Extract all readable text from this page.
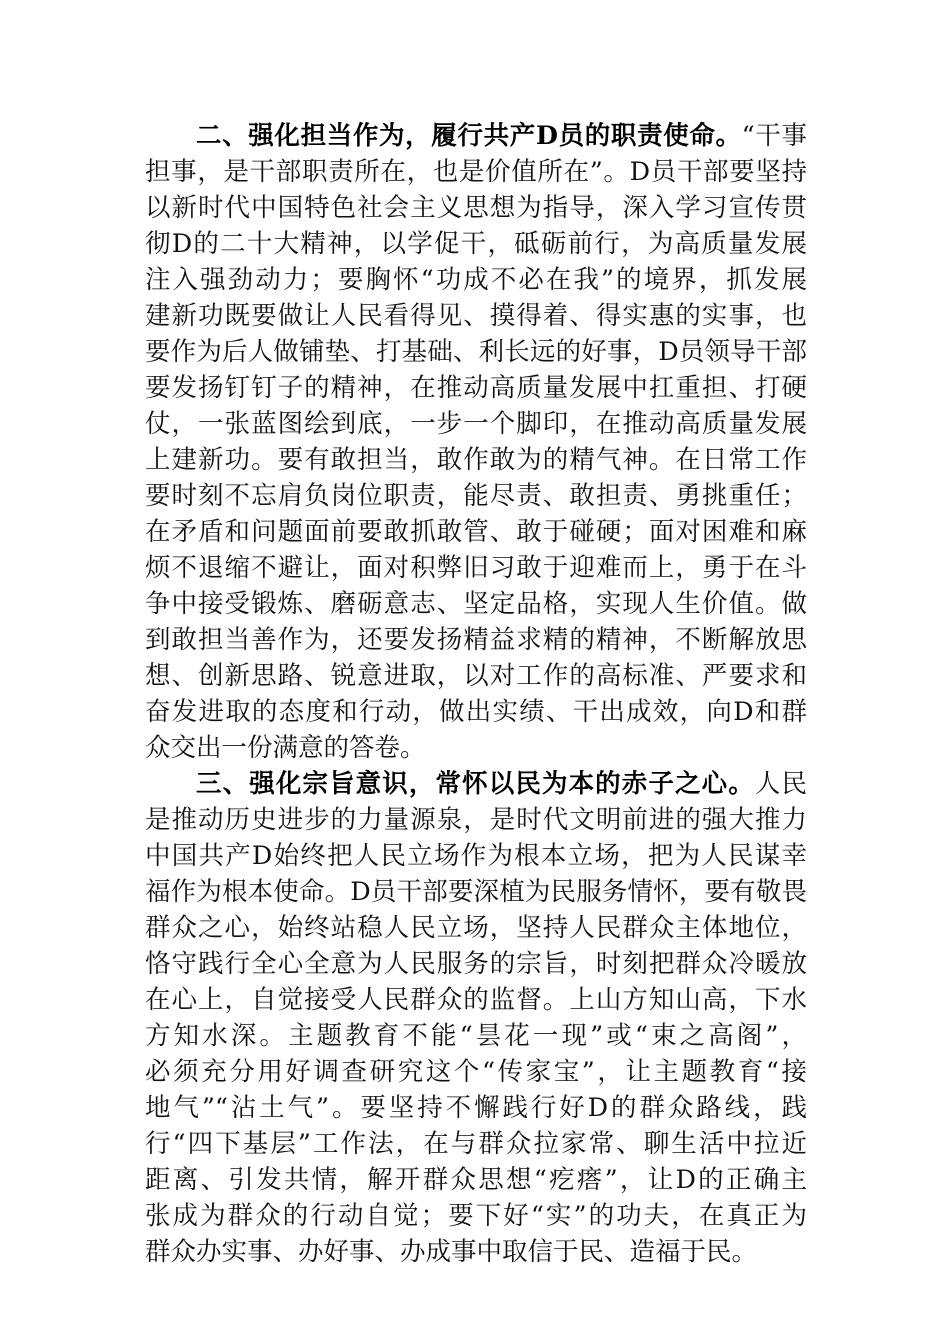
二、强化担当作为，履行共产D员的职责使命。“干事
担事，是干部职责所在，也是价值所在”。D员干部要坚持
以新时代中国特色社会主义思想为指导，深入学习宣传贯
彻D的二十大精神，以学促干，砥砺前行，为高质量发展
注入强劲动力；要胸怀“功成不必在我”的境界，抓发展
建新功既要做让人民看得见、摸得着、得实惠的实事，也
要作为后人做铺垫、打基础、利长远的好事，D员领导干部
要发扬钉钉子的精神，在推动高质量发展中扛重担、打硬
仗，一张蓝图绘到底，一步一个脚印，在推动高质量发展
上建新功。要有敢担当，敢作敢为的精气神。在日常工作
要时刻不忘肩负岗位职责，能尽责、敢担责、勇挑重任；
在矛盾和问题面前要敢抓敢管、敢于碰硬；面对困难和麻
烦不退缩不避让，面对积弊旧习敢于迎难而上，勇于在斗
争中接受锻炼、磨砺意志、坚定品格，实现人生价值。做
到敢担当善作为，还要发扬精益求精的精神，不断解放思
想、创新思路、锐意进取，以对工作的高标准、严要求和
奋发进取的态度和行动，做出实绩、干出成效，向D和群
众交出一份满意的答卷。
三、强化宗旨意识，常怀以民为本的赤子之心。人民
是推动历史进步的力量源泉，是时代文明前进的强大推力
中国共产D始终把人民立场作为根本立场，把为人民谋幸
福作为根本使命。D员干部要深植为民服务情怀，要有敬畏
群众之心，始终站稳人民立场，坚持人民群众主体地位，
恪守践行全心全意为人民服务的宗旨，时刻把群众冷暖放
在心上，自觉接受人民群众的监督。上山方知山高，下水
方知水深。主题教育不能“昙花一现”或“束之高阁”，
必须充分用好调查研究这个“传家宝”，让主题教育“接
地气”“沾土气”。要坚持不懈践行好D的群众路线，践
行“四下基层”工作法，在与群众拉家常、聊生活中拉近
距离、引发共情，解开群众思想“疙瘩”，让D的正确主
张成为群众的行动自觉；要下好“实”的功夫，在真正为
群众办实事、办好事、办成事中取信于民、造福于民。
